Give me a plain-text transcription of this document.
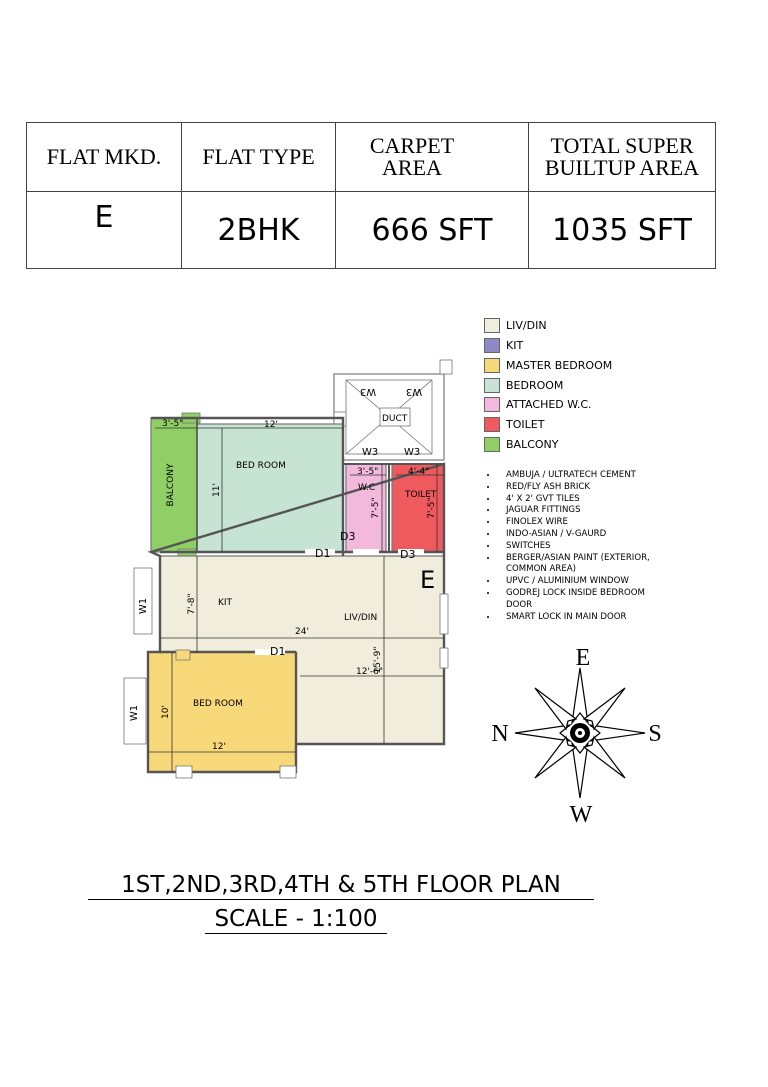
FLAT MKD.	FLAT TYPE	CARPET AREA	TOTAL SUPER BUILTUP AREA

E	2BHK	666 SFT	1035 SFT
LIV/DIN
KIT
MASTER BEDROOM
BEDROOM
ATTACHED W.C.
TOILET
BALCONY
• AMBUJA / ULTRATECH CEMENT
• RED/FLY ASH BRICK
• 4' X 2' GVT TILES
• JAGUAR FITTINGS
• FINOLEX WIRE
• INDO-ASIAN / V-GAURD
• SWITCHES
• BERGER/ASIAN PAINT (EXTERIOR, COMMON AREA)
• UPVC / ALUMINIUM WINDOW
• GODREJ LOCK INSIDE BEDROOM DOOR
• SMART LOCK IN MAIN DOOR
BALCONY
3'-5"
BED ROOM
12'
11'
DUCT
W3	W3
W3	W3
3'-5"
W.C
7'-5"
4'-4"
TOILET
7'-5"
D3
D3
D1
D1
E
KIT
7'-8"
W1
W1
LIV/DIN
24'
12'-6"
15'-9"
BED ROOM
12'
10'
E
N	S
W
1ST,2ND,3RD,4TH & 5TH FLOOR PLAN
SCALE - 1:100
